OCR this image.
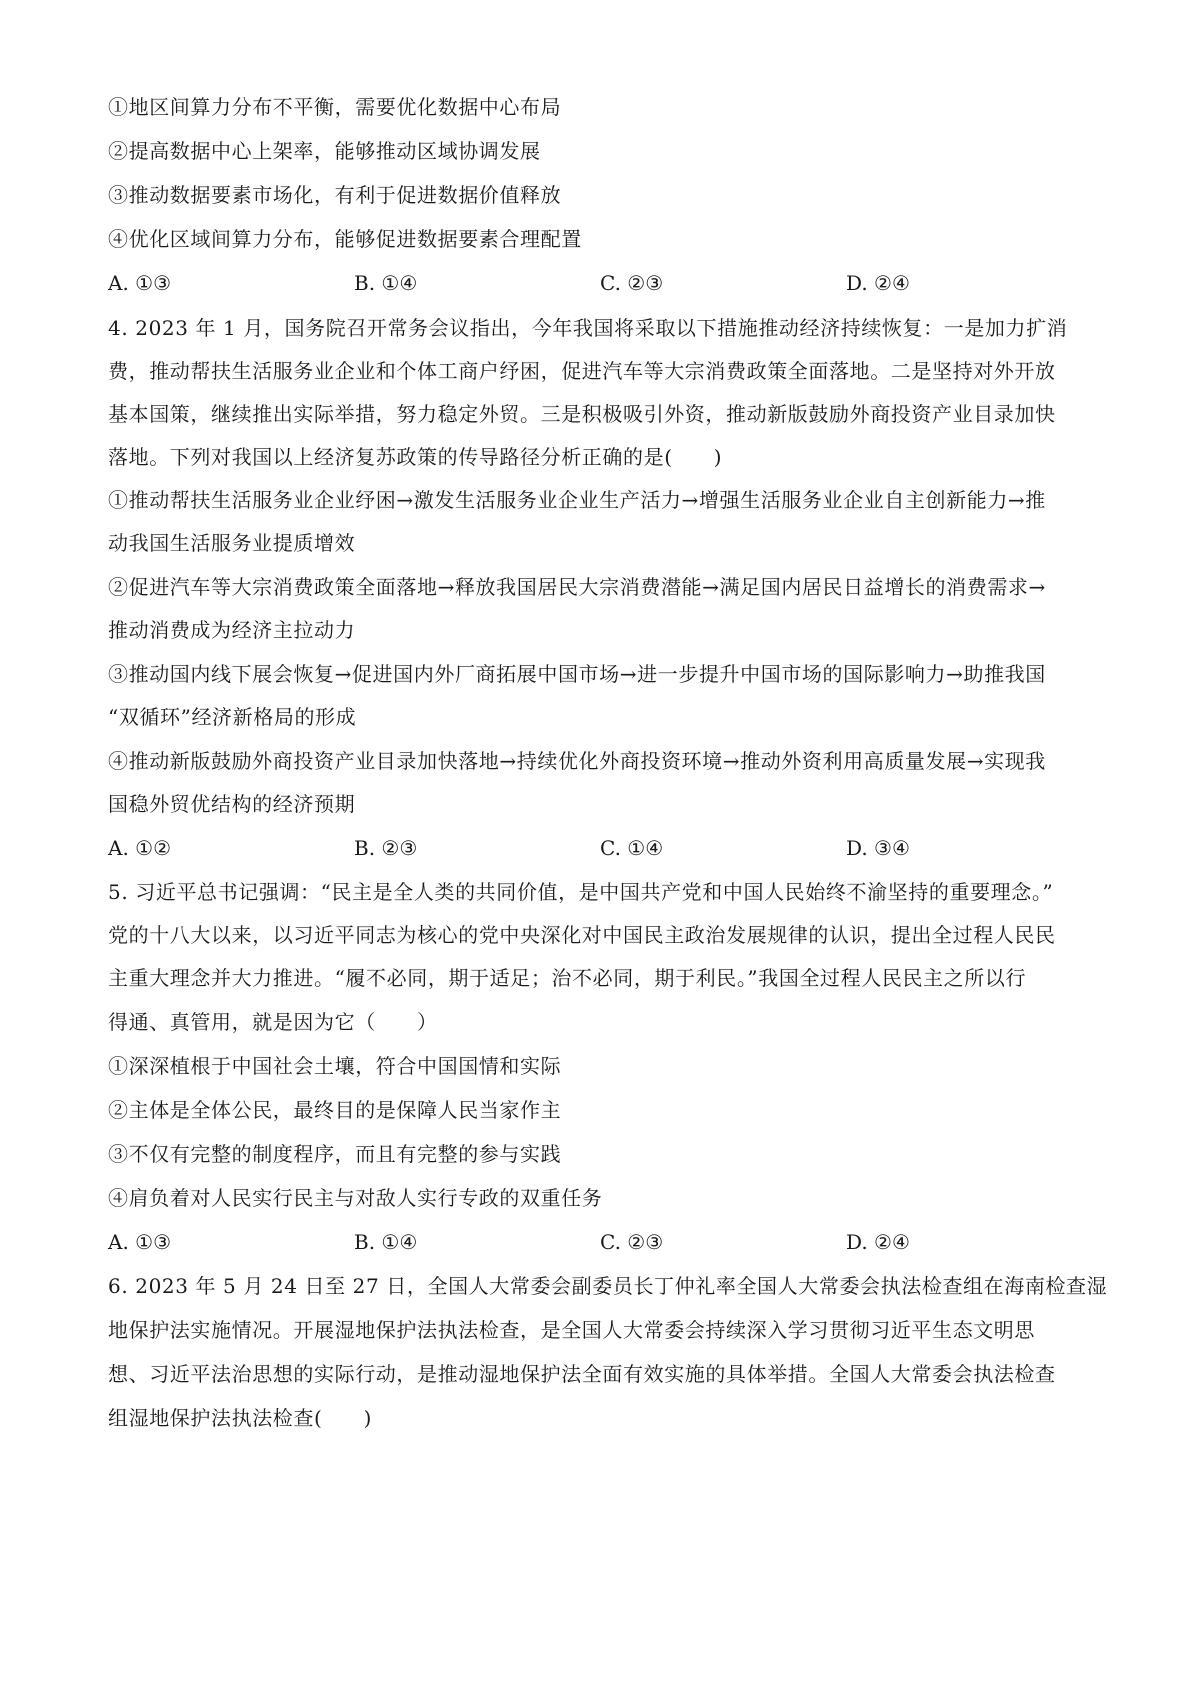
①地区间算力分布不平衡，需要优化数据中心布局
②提高数据中心上架率，能够推动区域协调发展
③推动数据要素市场化，有利于促进数据价值释放
④优化区域间算力分布，能够促进数据要素合理配置
A. ①③	B. ①④	C. ②③	D. ②④
4. 2023 年 1 月，国务院召开常务会议指出，今年我国将采取以下措施推动经济持续恢复：一是加力扩消
费，推动帮扶生活服务业企业和个体工商户纾困，促进汽车等大宗消费政策全面落地。二是坚持对外开放
基本国策，继续推出实际举措，努力稳定外贸。三是积极吸引外资，推动新版鼓励外商投资产业目录加快
落地。下列对我国以上经济复苏政策的传导路径分析正确的是(　　)
①推动帮扶生活服务业企业纾困→激发生活服务业企业生产活力→增强生活服务业企业自主创新能力→推
动我国生活服务业提质增效
②促进汽车等大宗消费政策全面落地→释放我国居民大宗消费潜能→满足国内居民日益增长的消费需求→
推动消费成为经济主拉动力
③推动国内线下展会恢复→促进国内外厂商拓展中国市场→进一步提升中国市场的国际影响力→助推我国
“双循环”经济新格局的形成
④推动新版鼓励外商投资产业目录加快落地→持续优化外商投资环境→推动外资利用高质量发展→实现我
国稳外贸优结构的经济预期
A. ①②	B. ②③	C. ①④	D. ③④
5. 习近平总书记强调：“民主是全人类的共同价值，是中国共产党和中国人民始终不渝坚持的重要理念。”
党的十八大以来，以习近平同志为核心的党中央深化对中国民主政治发展规律的认识，提出全过程人民民
主重大理念并大力推进。“履不必同，期于适足；治不必同，期于利民。”我国全过程人民民主之所以行
得通、真管用，就是因为它（　　）
①深深植根于中国社会土壤，符合中国国情和实际
②主体是全体公民，最终目的是保障人民当家作主
③不仅有完整的制度程序，而且有完整的参与实践
④肩负着对人民实行民主与对敌人实行专政的双重任务
A. ①③	B. ①④	C. ②③	D. ②④
6. 2023 年 5 月 24 日至 27 日，全国人大常委会副委员长丁仲礼率全国人大常委会执法检查组在海南检查湿
地保护法实施情况。开展湿地保护法执法检查，是全国人大常委会持续深入学习贯彻习近平生态文明思
想、习近平法治思想的实际行动，是推动湿地保护法全面有效实施的具体举措。全国人大常委会执法检查
组湿地保护法执法检查(　　)
